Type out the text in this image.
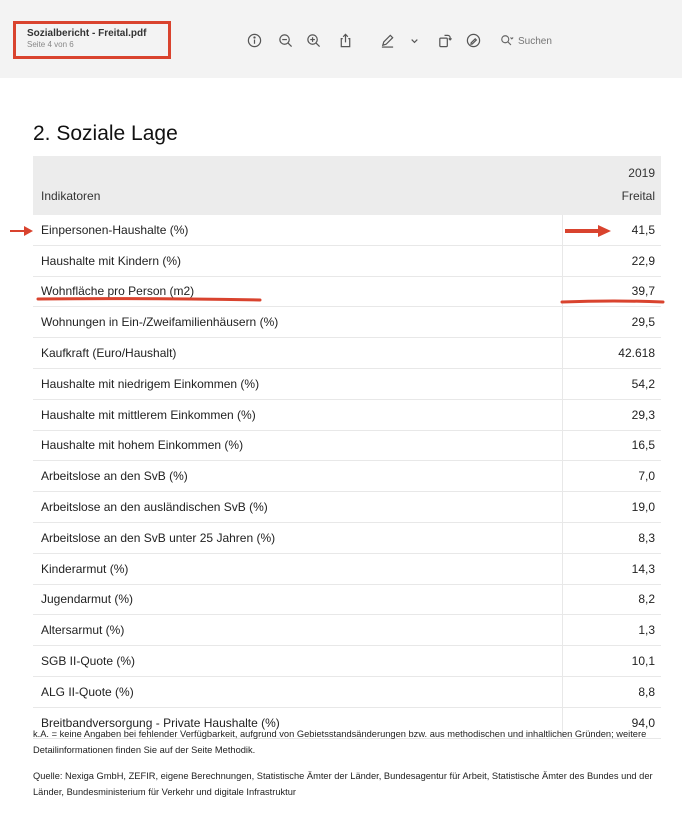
Sozialbericht - Freital.pdf
Seite 4 von 6
Suchen
2. Soziale Lage
	2019
Indikatoren	Freital
Einpersonen-Haushalte (%)	41,5
Haushalte mit Kindern (%)	22,9
Wohnfläche pro Person (m2)	39,7
Wohnungen in Ein-/Zweifamilienhäusern (%)	29,5
Kaufkraft (Euro/Haushalt)	42.618
Haushalte mit niedrigem Einkommen (%)	54,2
Haushalte mit mittlerem Einkommen (%)	29,3
Haushalte mit hohem Einkommen (%)	16,5
Arbeitslose an den SvB (%)	7,0
Arbeitslose an den ausländischen SvB (%)	19,0
Arbeitslose an den SvB unter 25 Jahren (%)	8,3
Kinderarmut (%)	14,3
Jugendarmut (%)	8,2
Altersarmut (%)	1,3
SGB II-Quote (%)	10,1
ALG II-Quote (%)	8,8
Breitbandversorgung - Private Haushalte (%)	94,0
k.A. = keine Angaben bei fehlender Verfügbarkeit, aufgrund von Gebietsstandsänderungen bzw. aus methodischen und inhaltlichen Gründen; weitere Detailinformationen finden Sie auf der Seite Methodik.
Quelle: Nexiga GmbH, ZEFIR, eigene Berechnungen, Statistische Ämter der Länder, Bundesagentur für Arbeit, Statistische Ämter des Bundes und der Länder, Bundesministerium für Verkehr und digitale Infrastruktur
